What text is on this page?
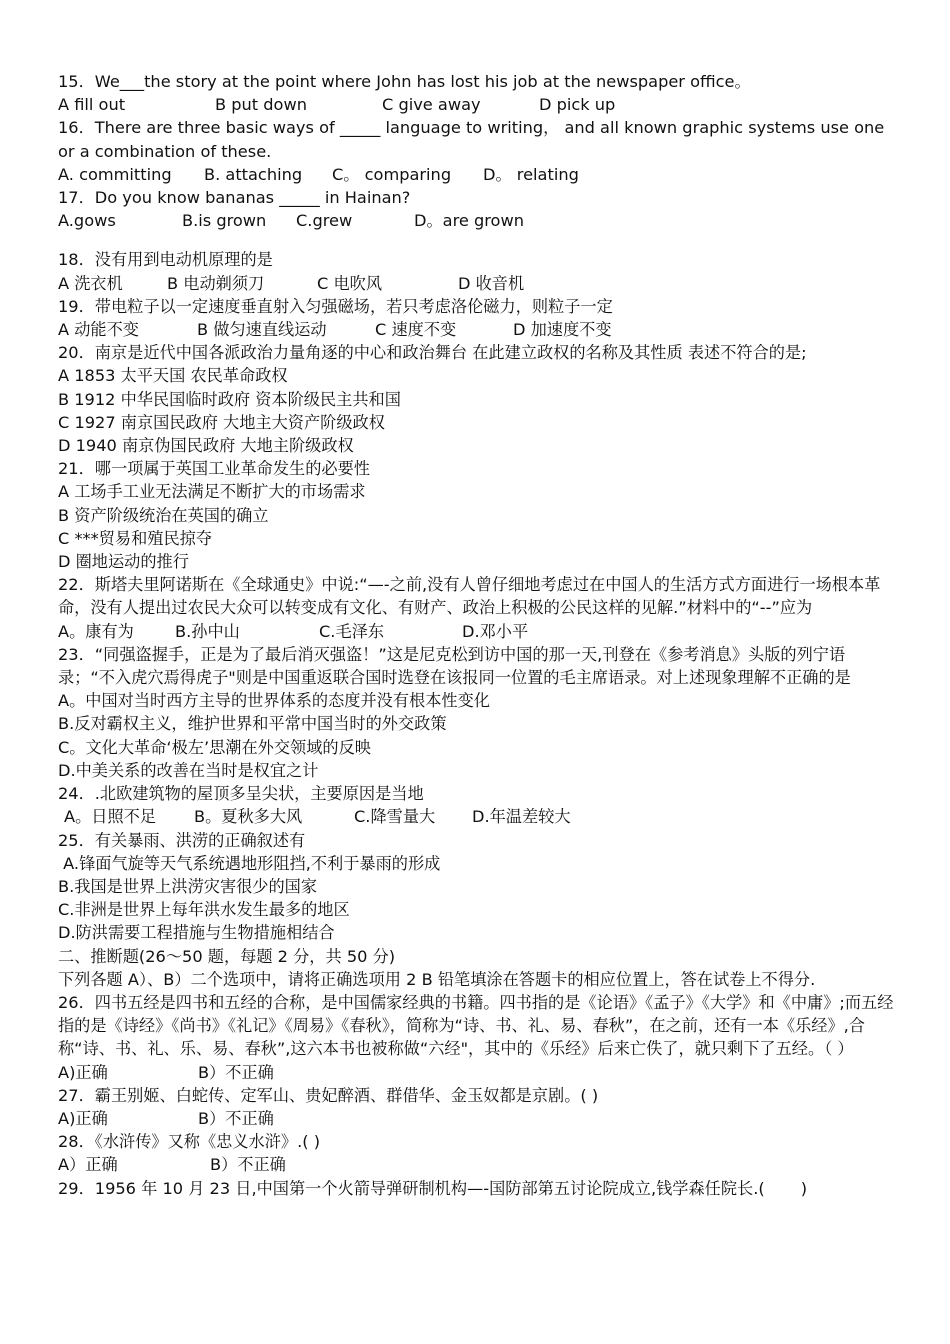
15．We___the story at the point where John has lost his job at the newspaper office。
A fill out	B put down	C give away	D pick up
16．There are three basic ways of _____ language to writing， and all known graphic systems use one or a combination of these.
A. committing	B. attaching	C。 comparing	D。 relating
17．Do you know bananas _____ in Hainan?
A.gows	B.is grown	C.grew	D。are grown
18．没有用到电动机原理的是
A 洗衣机	B 电动剃须刀	C 电吹风	D 收音机
19．带电粒子以一定速度垂直射入匀强磁场，若只考虑洛伦磁力，则粒子一定
A 动能不变	B 做匀速直线运动	C 速度不变	D 加速度不变
20．南京是近代中国各派政治力量角逐的中心和政治舞台 在此建立政权的名称及其性质 表述不符合的是;
A 1853 太平天国 农民革命政权
B 1912 中华民国临时政府 资本阶级民主共和国
C 1927 南京国民政府 大地主大资产阶级政权
D 1940 南京伪国民政府 大地主阶级政权
21．哪一项属于英国工业革命发生的必要性
A 工场手工业无法满足不断扩大的市场需求
B 资产阶级统治在英国的确立
C ***贸易和殖民掠夺
D 圈地运动的推行
22．斯塔夫里阿诺斯在《全球通史》中说:“—-之前,没有人曾仔细地考虑过在中国人的生活方式方面进行一场根本革命，没有人提出过农民大众可以转变成有文化、有财产、政治上积极的公民这样的见解.”材料中的“--”应为
A。康有为	B.孙中山	C.毛泽东	D.邓小平
23．“同强盗握手，正是为了最后消灭强盗！”这是尼克松到访中国的那一天,刊登在《参考消息》头版的列宁语录；“不入虎穴焉得虎子"则是中国重返联合国时选登在该报同一位置的毛主席语录。对上述现象理解不正确的是
A。中国对当时西方主导的世界体系的态度并没有根本性变化
B.反对霸权主义，维护世界和平常中国当时的外交政策
C。文化大革命‘极左’思潮在外交领域的反映
D.中美关系的改善在当时是权宜之计
24．.北欧建筑物的屋顶多呈尖状，主要原因是当地
A。日照不足	B。夏秋多大风	C.降雪量大	D.年温差较大
25．有关暴雨、洪涝的正确叙述有
A.锋面气旋等天气系统遇地形阻挡,不利于暴雨的形成
B.我国是世界上洪涝灾害很少的国家
C.非洲是世界上每年洪水发生最多的地区
D.防洪需要工程措施与生物措施相结合
二、推断题(26～50 题，每题 2 分，共 50 分)
下列各题 A）、B）二个选项中，请将正确选项用 2 B 铅笔填涂在答题卡的相应位置上，答在试卷上不得分.
26．四书五经是四书和五经的合称，是中国儒家经典的书籍。四书指的是《论语》《孟子》《大学》和《中庸》;而五经指的是《诗经》《尚书》《礼记》《周易》《春秋》，简称为“诗、书、礼、易、春秋”，在之前，还有一本《乐经》,合称“诗、书、礼、乐、易、春秋”,这六本书也被称做“六经"，其中的《乐经》后来亡佚了，就只剩下了五经。（ ）
A)正确	B）不正确
27．霸王别姬、白蛇传、定军山、贵妃醉酒、群借华、金玉奴都是京剧。( )
A)正确	B）不正确
28．《水浒传》又称《忠义水浒》.( )
A）正确	B）不正确
29．1956 年 10 月 23 日,中国第一个火箭导弹研制机构—-国防部第五讨论院成立,钱学森任院长.(       )
